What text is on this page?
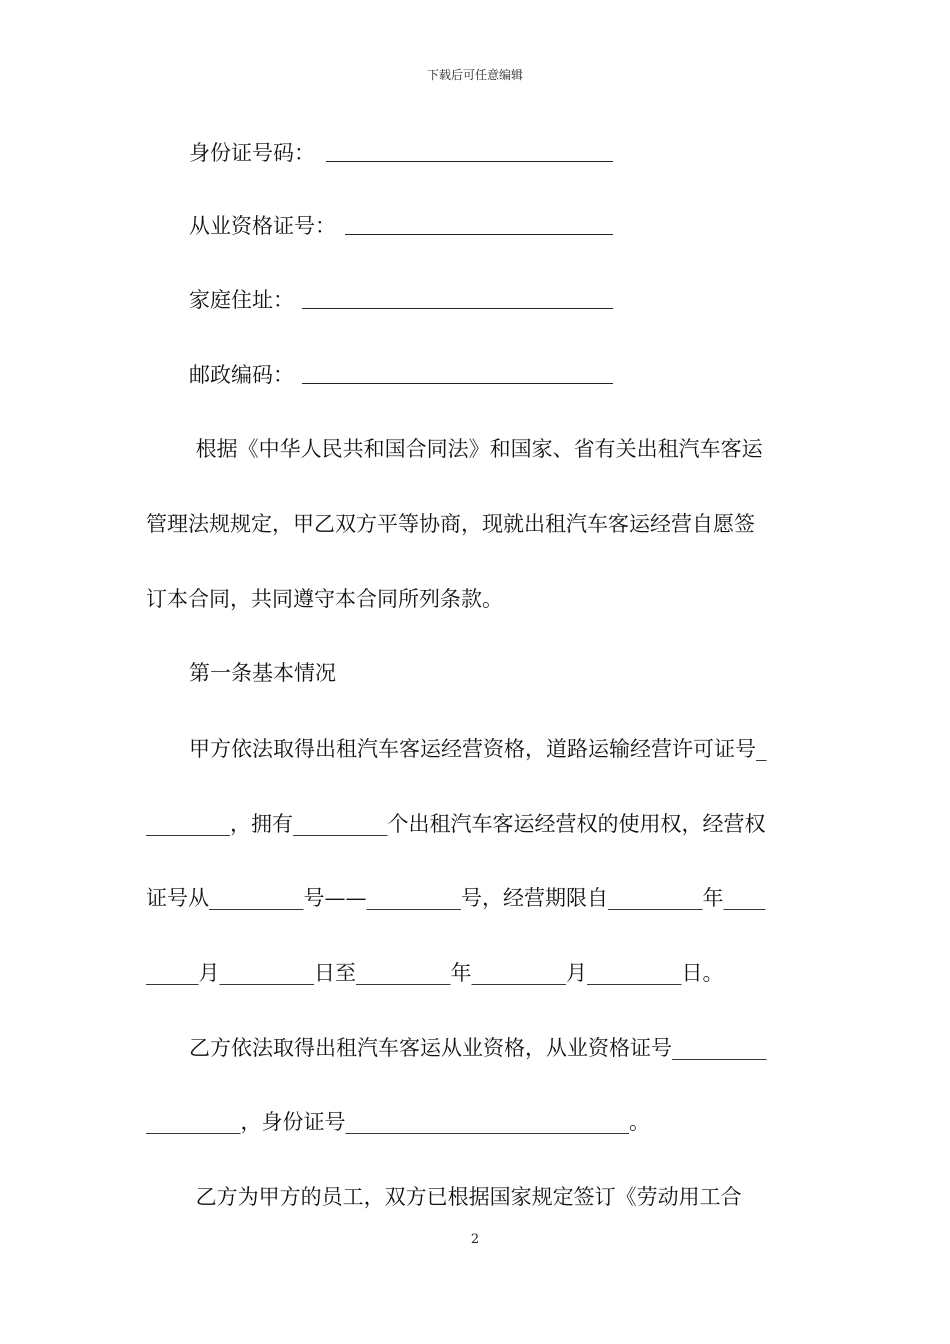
下载后可任意编辑

身份证号码：

从业资格证号：

家庭住址：

邮政编码：

根据《中华人民共和国合同法》和国家、省有关出租汽车客运
管理法规规定，甲乙双方平等协商，现就出租汽车客运经营自愿签
订本合同，共同遵守本合同所列条款。
第一条基本情况
甲方依法取得出租汽车客运经营资格，道路运输经营许可证号_
________，拥有_________个出租汽车客运经营权的使用权，经营权
证号从_________号——_________号，经营期限自_________年____
_____月_________日至_________年_________月_________日。
乙方依法取得出租汽车客运从业资格，从业资格证号_________
_________，身份证号___________________________。
乙方为甲方的员工，双方已根据国家规定签订《劳动用工合
2
